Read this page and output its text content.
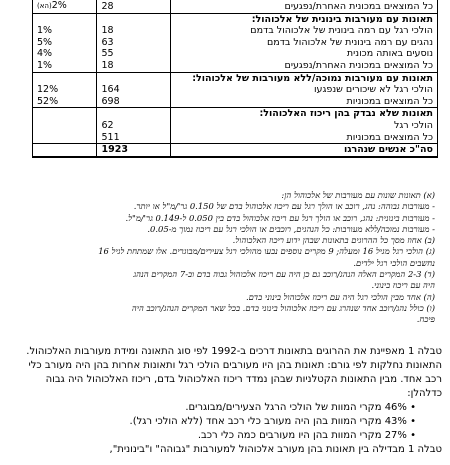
כל המוצאים במכונית האחרת/נפגעים	28	2%(הא)
תאונות עם מעורבות בינונית של אלכוהול:		
הולכי רגל עם רמה בינונית של אלכוהול בדמם	18	1%
נהגים עם רמה בינונית של אלכוהול בדמם	63	5%
נוסעים באותה מכונית	55	4%
כל המוצאים במכונית האחרת/נפגעים	18	1%
תאונות עם מעורבות נמוכה/ללא מעורבות של אלכוהול:		
הולכי רגל לא שיכורים שנפגעו	164	12%
כל המוצאים במכוניות	698	52%
תאונות שלא נבדק בהן ריכוז האלכוהול:		
הולכי רגל	62	
כל המוצאים במכוניות	511	
סה"כ אנשים שנהרגו	1923	
(א) תאונות שונות עם מעורבות של אלכוהול הן:
- מעורבות גבוהה: נהג, רוכב או הולך רגל עם ריכוז אלכוהול בדם של 0.150 גר'/מ"ל או יותר.
- מעורבות בינונית: נהג, רוכב או הולך רגל עם ריכוז אלכוהול בדם בין 0.050 ל-0.149 גר'/מ"ל.
- מעורבות נמוכה/ללא מעורבות: כל הנהגים, רוכבים או הולכי רגל עם ריכוז נמוך מ-0.05.
(ב) אחוז מסך כל ההרוגים בתאונות שבהן ידוע ריכוז האלכוהול.
(ג) הולכי רגל מגיל 16 ומעלה; 9 מקרים נוספים נבעו מהולכי רגל צעירים/מבוגרים. אלו שמתחת לגיל 16
נחשבים הולכי רגל ילדים.
(ד) 2-3 המקרים האלה הנהג/רוכב גם כן היה עם ריכוז אלכוהול גבוה בדם וב-7 המקרים הנהג
היה עם ריכוז בינוני.
(ה) אחד מבין הולכי רגל היה עם ריכוז אלכוהול בינוני בדם.
(ו) כולל נהג/רוכב אחד שנהרג עם ריכוז אלכוהול בינוני בדם. בכל שאר המקרים הנהג/רוכב היה
פיכח.

טבלה 1 מאפיינת את ההרוגים בתאונות דרכים ב-1992 לפי סוג התאונה ומידת מעורבות האלכוהול. התאונות נחלקות לפי גורם: תאונות בהן היו מעורבים הולכי רגל ותאונות אחרות בהן היה מעורב כלי רכב אחד. מבין התאונות הקטלניות שבהן נמדד ריכוז האלכוהול בדם, ריכוז האלכוהול היה גבוה כדלהלן:

• 46% מקרי המוות של הולכי הרגל הצעירים/מבוגרים.
• 43% מקרי המוות בהן היה מעורב כלי רכב אחד (ללא הולכי רגל).
• 27% מקרי המוות בהן היו מעורבים כמה כלי רכב.

טבלה 1 מבדילה בין תאונות בהן מעורב אלכוהול למעורבות "גבוהה" ו"בינונית",
